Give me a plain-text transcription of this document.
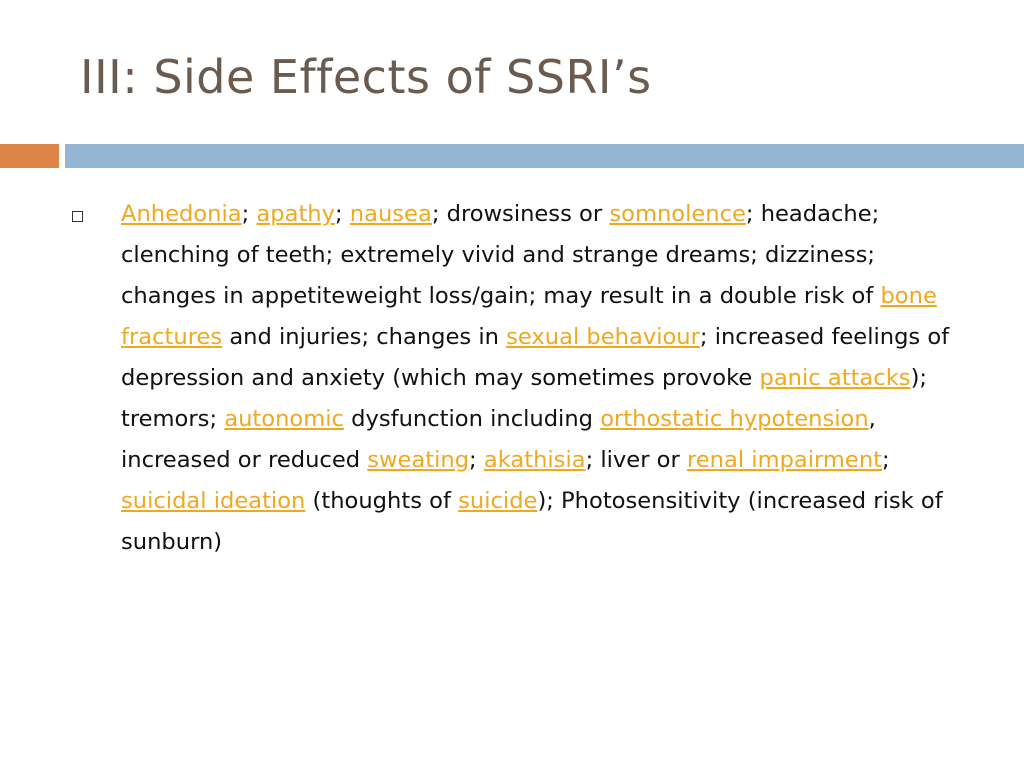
III: Side Effects of SSRI’s
Anhedonia; apathy; nausea; drowsiness or somnolence; headache; clenching of teeth; extremely vivid and strange dreams; dizziness; changes in appetiteweight loss/gain; may result in a double risk of bone fractures and injuries; changes in sexual behaviour; increased feelings of depression and anxiety (which may sometimes provoke panic attacks); tremors; autonomic dysfunction including orthostatic hypotension, increased or reduced sweating; akathisia; liver or renal impairment; suicidal ideation (thoughts of suicide); Photosensitivity (increased risk of sunburn)
